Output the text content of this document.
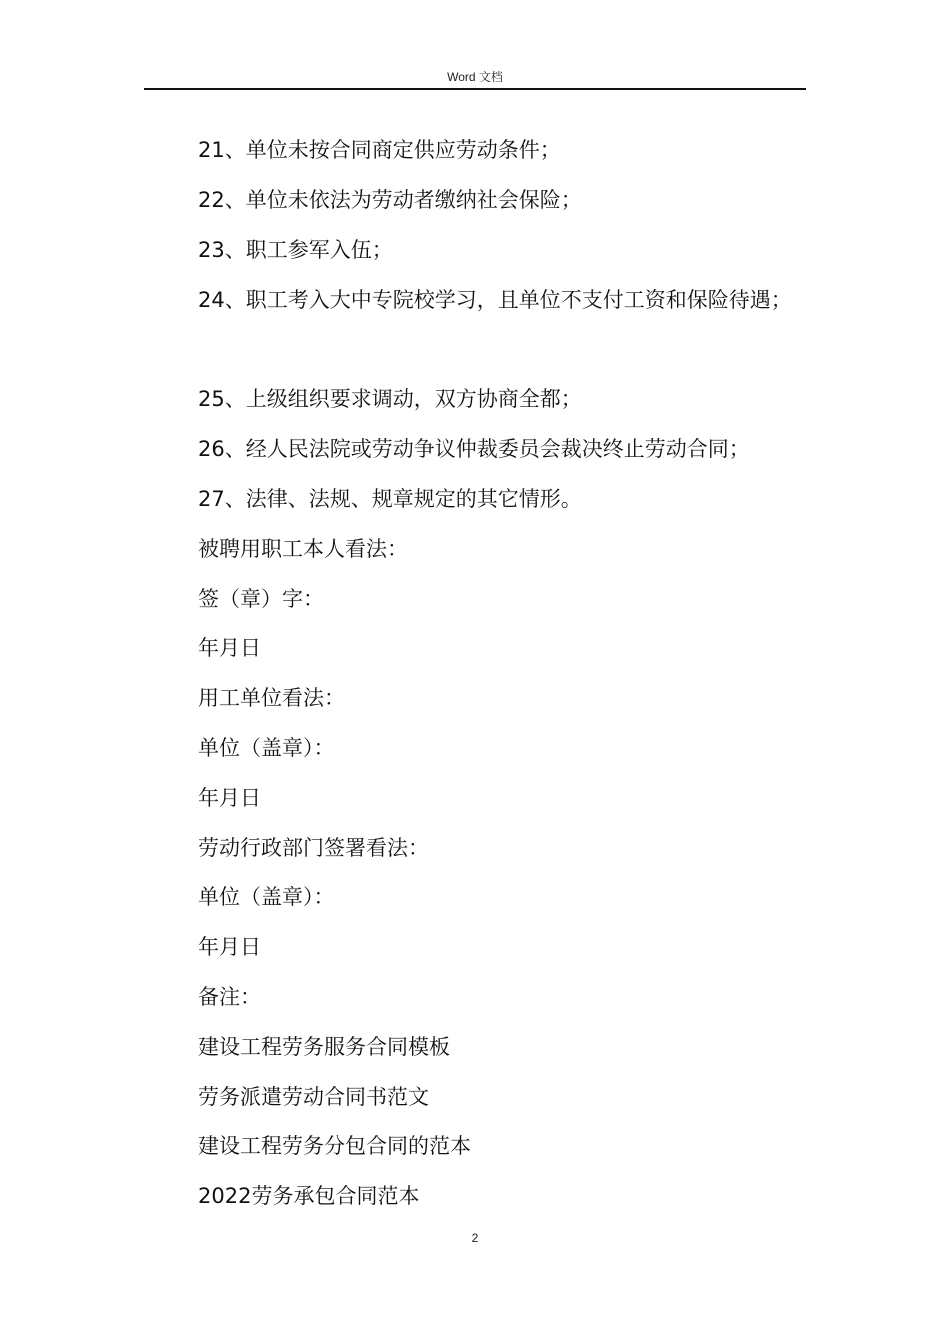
Word 文档
21、单位未按合同商定供应劳动条件；
22、单位未依法为劳动者缴纳社会保险；
23、职工参军入伍；
24、职工考入大中专院校学习，且单位不支付工资和保险待遇；
25、上级组织要求调动，双方协商全都；
26、经人民法院或劳动争议仲裁委员会裁决终止劳动合同；
27、法律、法规、规章规定的其它情形。
被聘用职工本人看法：
签（章）字：
年月日
用工单位看法：
单位（盖章）：
年月日
劳动行政部门签署看法：
单位（盖章）：
年月日
备注：
建设工程劳务服务合同模板
劳务派遣劳动合同书范文
建设工程劳务分包合同的范本
2022劳务承包合同范本
2
